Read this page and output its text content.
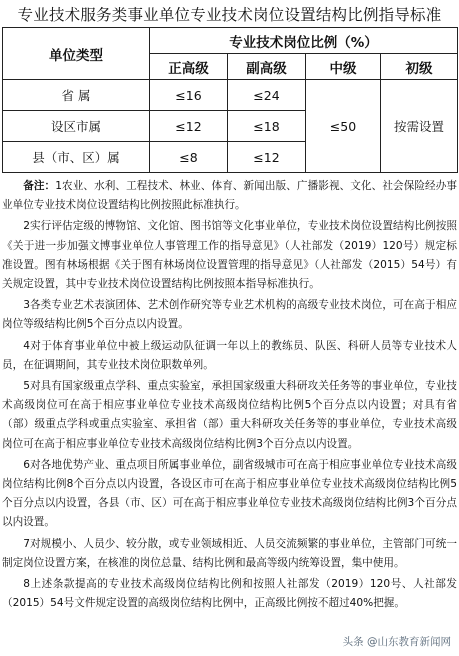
专业技术服务类事业单位专业技术岗位设置结构比例指导标准
单位类型	专业技术岗位比例（%）			
	正高级	副高级	中级	初级
省 属	≤16	≤24	≤50	按需设置
设区市属	≤12	≤18		
县（市、区）属	≤8	≤12		

备注：1农业、水利、工程技术、林业、体育、新闻出版、广播影视、文化、社会保险经办事业单位专业技术岗位设置结构比例按照此标准执行。

2实行评估定级的博物馆、文化馆、图书馆等文化事业单位，专业技术岗位设置结构比例按照《关于进一步加强文博事业单位人事管理工作的指导意见》（人社部发（2019）120号）规定标准设置。图有林场根据《关于图有林场岗位设置管理的指导意见》（人社部发（2015）54号）有关规定设置，其中专业技术岗位设置结构比例按照本指导标准执行。

3各类专业艺术表演团体、艺术创作研究等专业艺术机构的高级专业技术岗位，可在高于相应岗位等级结构比例5个百分点以内设置。

4对于体育事业单位中被上级运动队征调一年以上的教练员、队医、科研人员等专业技术人员，在征调期间，其专业技术岗位职数单列。

5对具有国家级重点学科、重点实验室，承担国家级重大科研攻关任务等的事业单位，专业技术高级岗位可在高于相应事业单位专业技术高级岗位结构比例5个百分点以内设置；对具有省（部）级重点学科或重点实验室、承担省（部）重大科研攻关任务等的事业单位，专业技术高级岗位可在高于相应事业单位专业技术高级岗位结构比例3个百分点以内设置。

6对各地优势产业、重点项目所属事业单位，副省级城市可在高于相应事业单位专业技术高级岗位结构比例8个百分点以内设置，各设区市可在高于相应事业单位专业技术高级岗位结构比例5个百分点以内设置，各县（市、区）可在高于相应事业单位专业技术高级岗位结构比例3个百分点以内设置。

7对规模小、人员少、较分散，或专业领域相近、人员交流频繁的事业单位，主管部门可统一制定岗位设置方案，在核准的岗位总量、结构比例和最高等级内统筹设置，集中使用。

8上述条款提高的专业技术高级岗位结构比例和按照人社部发（2019）120号、人社部发（2015）54号文件规定设置的高级岗位结构比例中，正高级比例按不超过40%把握。

头条 @山东教育新闻网
